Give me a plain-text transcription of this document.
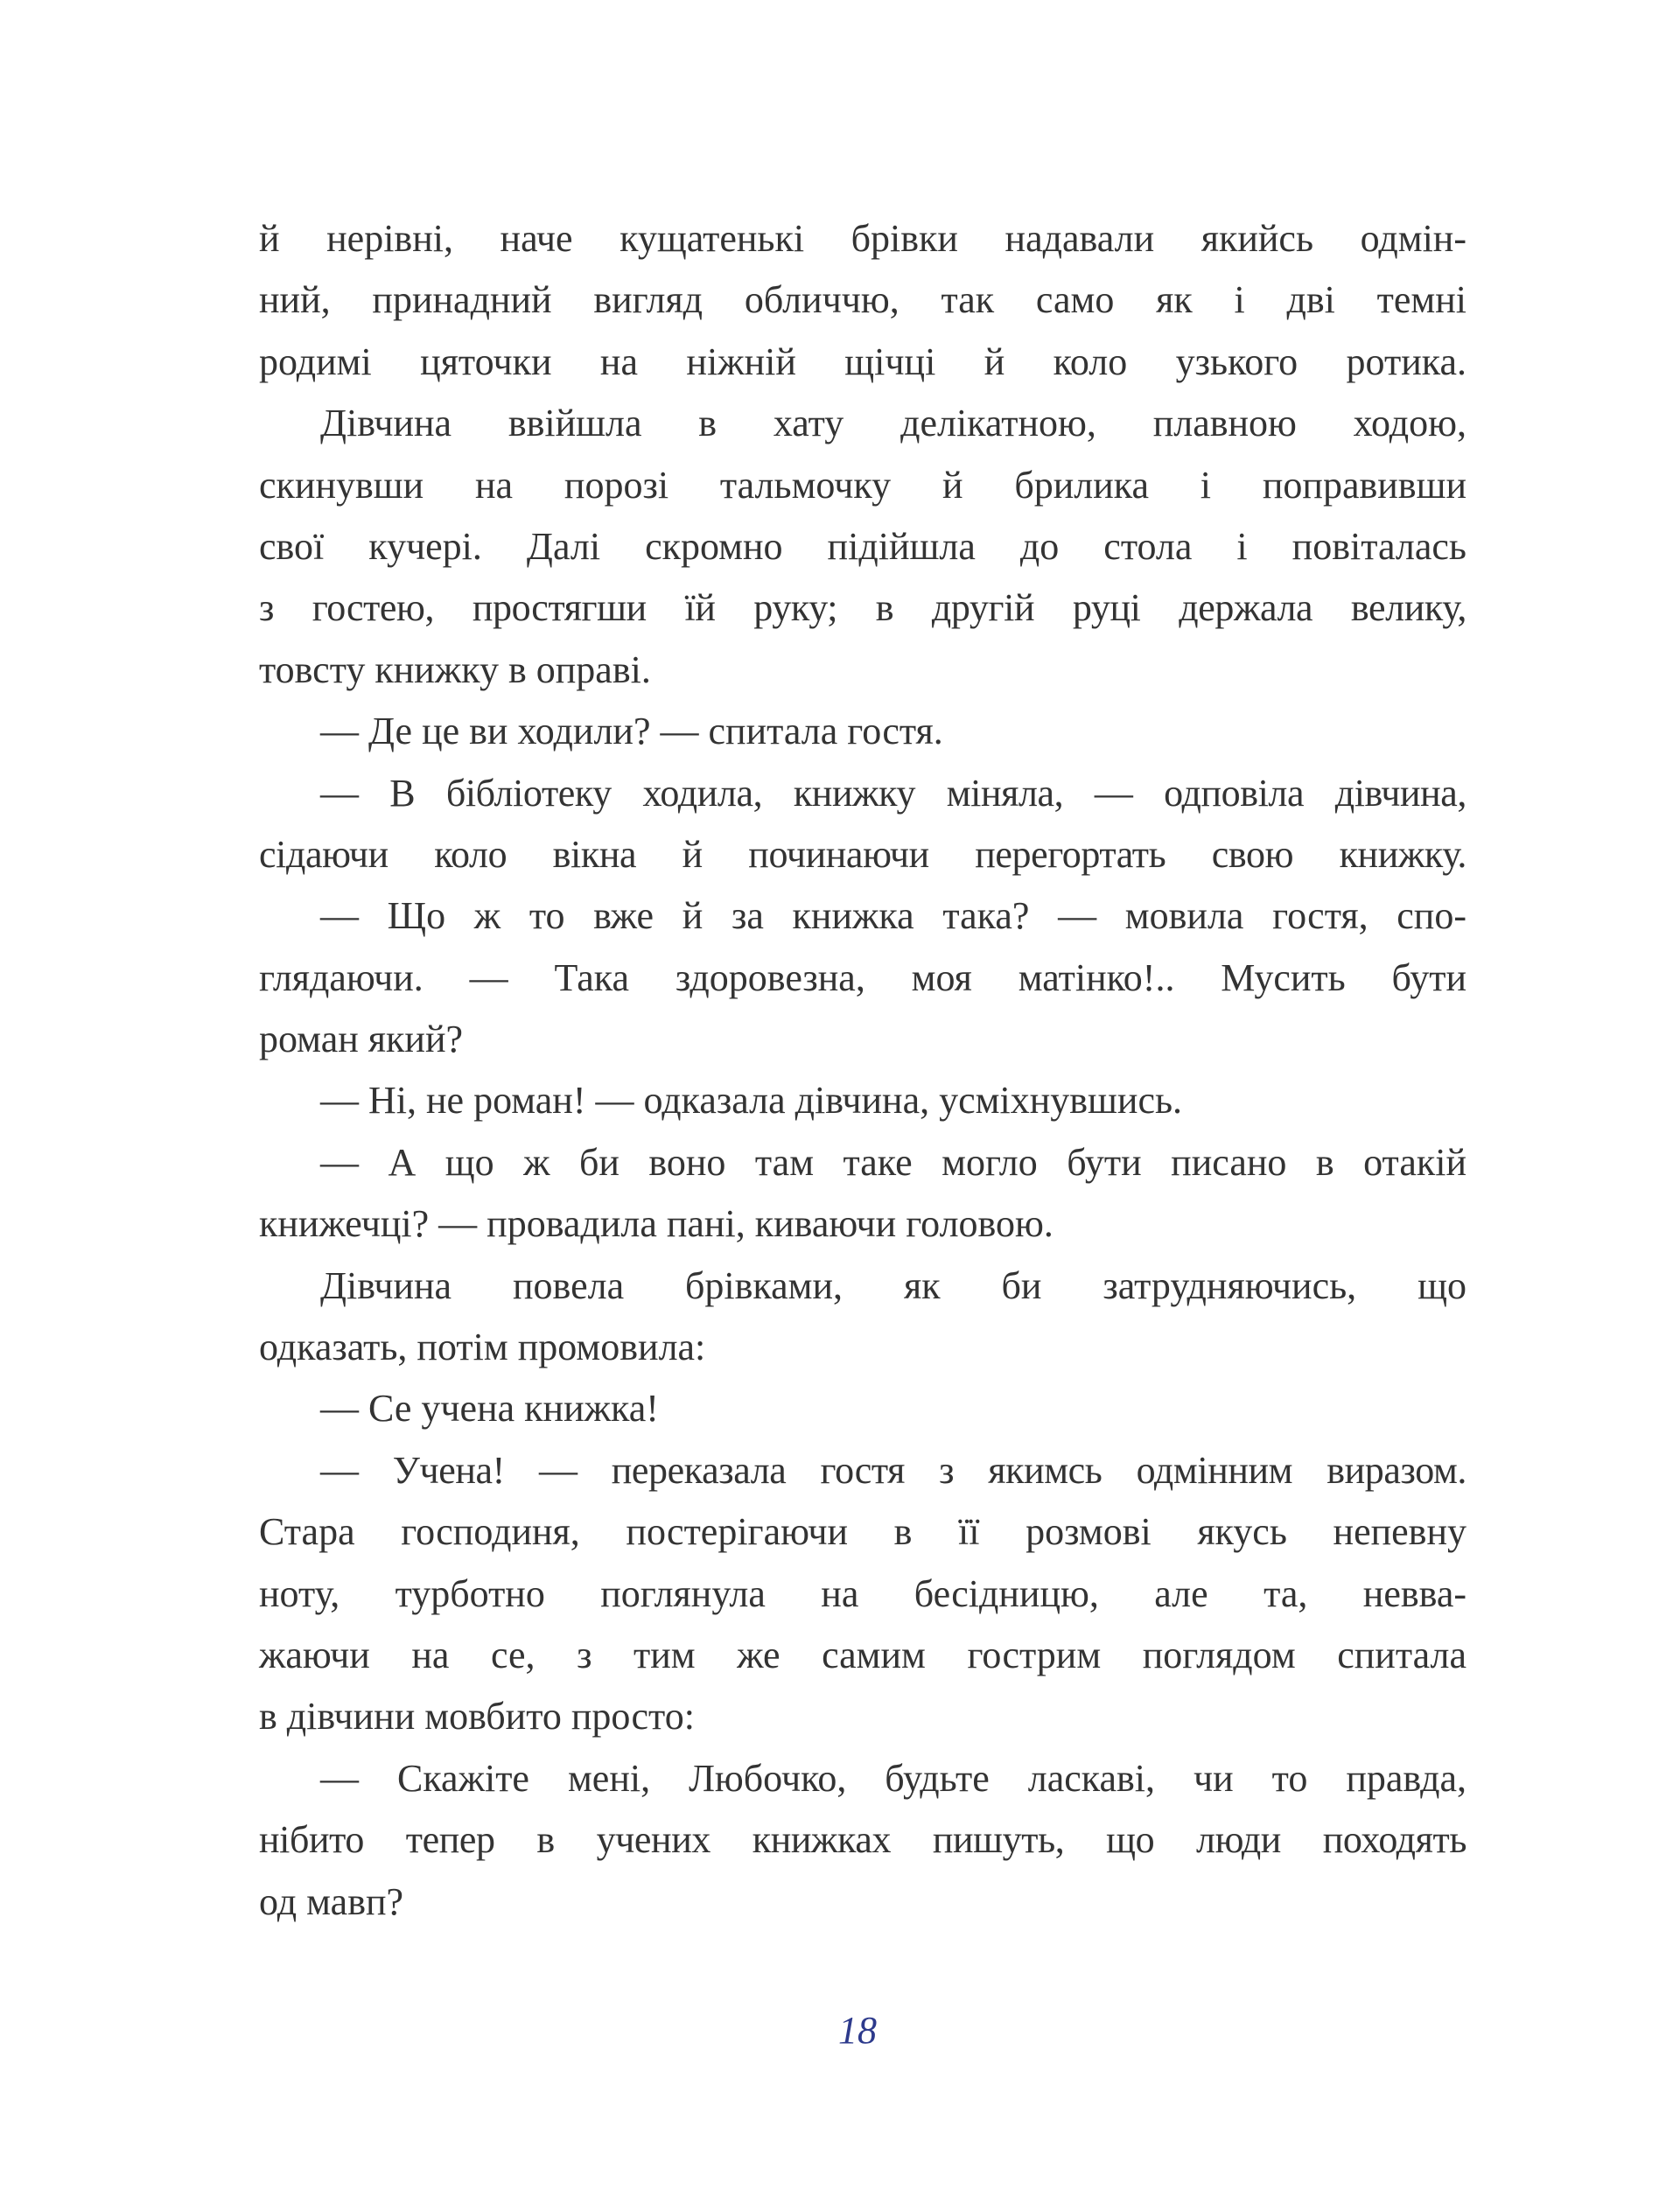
й нерівні, наче кущатенькі брівки надавали якийсь одмін-
ний, принадний вигляд обличчю, так само як і дві темні
родимі цяточки на ніжній щічці й коло узького ротика.
Дівчина ввійшла в хату делікатною, плавною ходою,
скинувши на порозі тальмочку й брилика і поправивши
свої кучері. Далі скромно підійшла до стола і повіталась
з гостею, простягши їй руку; в другій руці держала велику,
товсту книжку в оправі.
— Де це ви ходили? — спитала гостя.
— В бібліотеку ходила, книжку міняла, — одповіла дівчина,
сідаючи коло вікна й починаючи перегортать свою книжку.
— Що ж то вже й за книжка така? — мовила гостя, спо-
глядаючи. — Така здоровезна, моя матінко!.. Мусить бути
роман який?
— Ні, не роман! — одказала дівчина, усміхнувшись.
— А що ж би воно там таке могло бути писано в отакій
книжечці? — провадила пані, киваючи головою.
Дівчина повела брівками, як би затрудняючись, що
одказать, потім промовила:
— Се учена книжка!
— Учена! — переказала гостя з якимсь одмінним виразом.
Стара господиня, постерігаючи в її розмові якусь непевну
ноту, турботно поглянула на бесідницю, але та, невва-
жаючи на се, з тим же самим гострим поглядом спитала
в дівчини мовбито просто:
— Скажіте мені, Любочко, будьте ласкаві, чи то правда,
нібито тепер в учених книжках пишуть, що люди походять
од мавп?
18
